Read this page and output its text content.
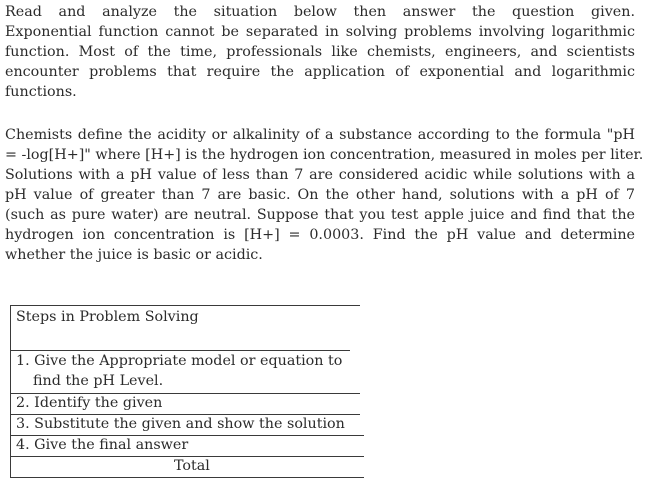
Read and analyze the situation below then answer the question given.
Exponential function cannot be separated in solving problems involving logarithmic
function. Most of the time, professionals like chemists, engineers, and scientists
encounter problems that require the application of exponential and logarithmic
functions.
Chemists define the acidity or alkalinity of a substance according to the formula "pH
= -log[H+]" where [H+] is the hydrogen ion concentration, measured in moles per liter.
Solutions with a pH value of less than 7 are considered acidic while solutions with a
pH value of greater than 7 are basic. On the other hand, solutions with a pH of 7
(such as pure water) are neutral. Suppose that you test apple juice and find that the
hydrogen ion concentration is [H+] = 0.0003. Find the pH value and determine
whether the juice is basic or acidic.
Steps in Problem Solving
1. Give the Appropriate model or equation to
find the pH Level.
2. Identify the given
3. Substitute the given and show the solution
4. Give the final answer
Total
